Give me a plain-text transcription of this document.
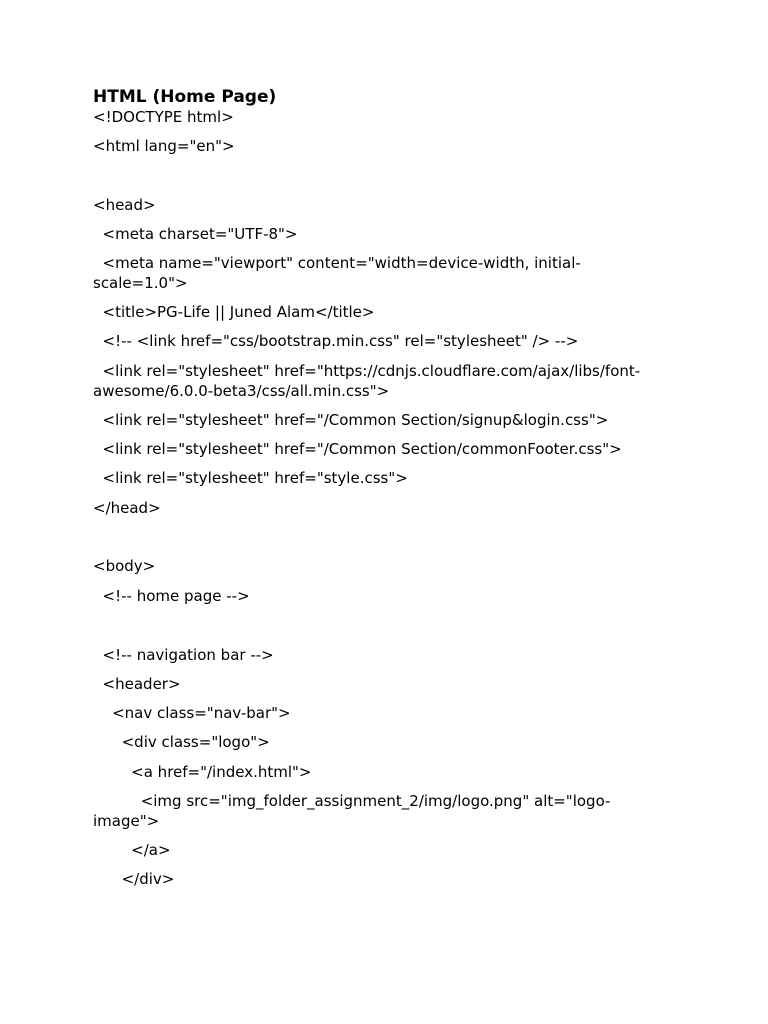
HTML (Home Page)

<!DOCTYPE html>

<html lang="en">

<head>

<meta charset="UTF-8">

<meta name="viewport" content="width=device-width, initial-
scale=1.0">

<title>PG-Life || Juned Alam</title>

<!-- <link href="css/bootstrap.min.css" rel="stylesheet" /> -->

<link rel="stylesheet" href="https://cdnjs.cloudflare.com/ajax/libs/font-
awesome/6.0.0-beta3/css/all.min.css">

<link rel="stylesheet" href="/Common Section/signup&login.css">

<link rel="stylesheet" href="/Common Section/commonFooter.css">

<link rel="stylesheet" href="style.css">

</head>

<body>

<!-- home page -->

<!-- navigation bar -->

<header>

<nav class="nav-bar">

<div class="logo">

<a href="/index.html">

<img src="img_folder_assignment_2/img/logo.png" alt="logo-
image">

</a>

</div>
